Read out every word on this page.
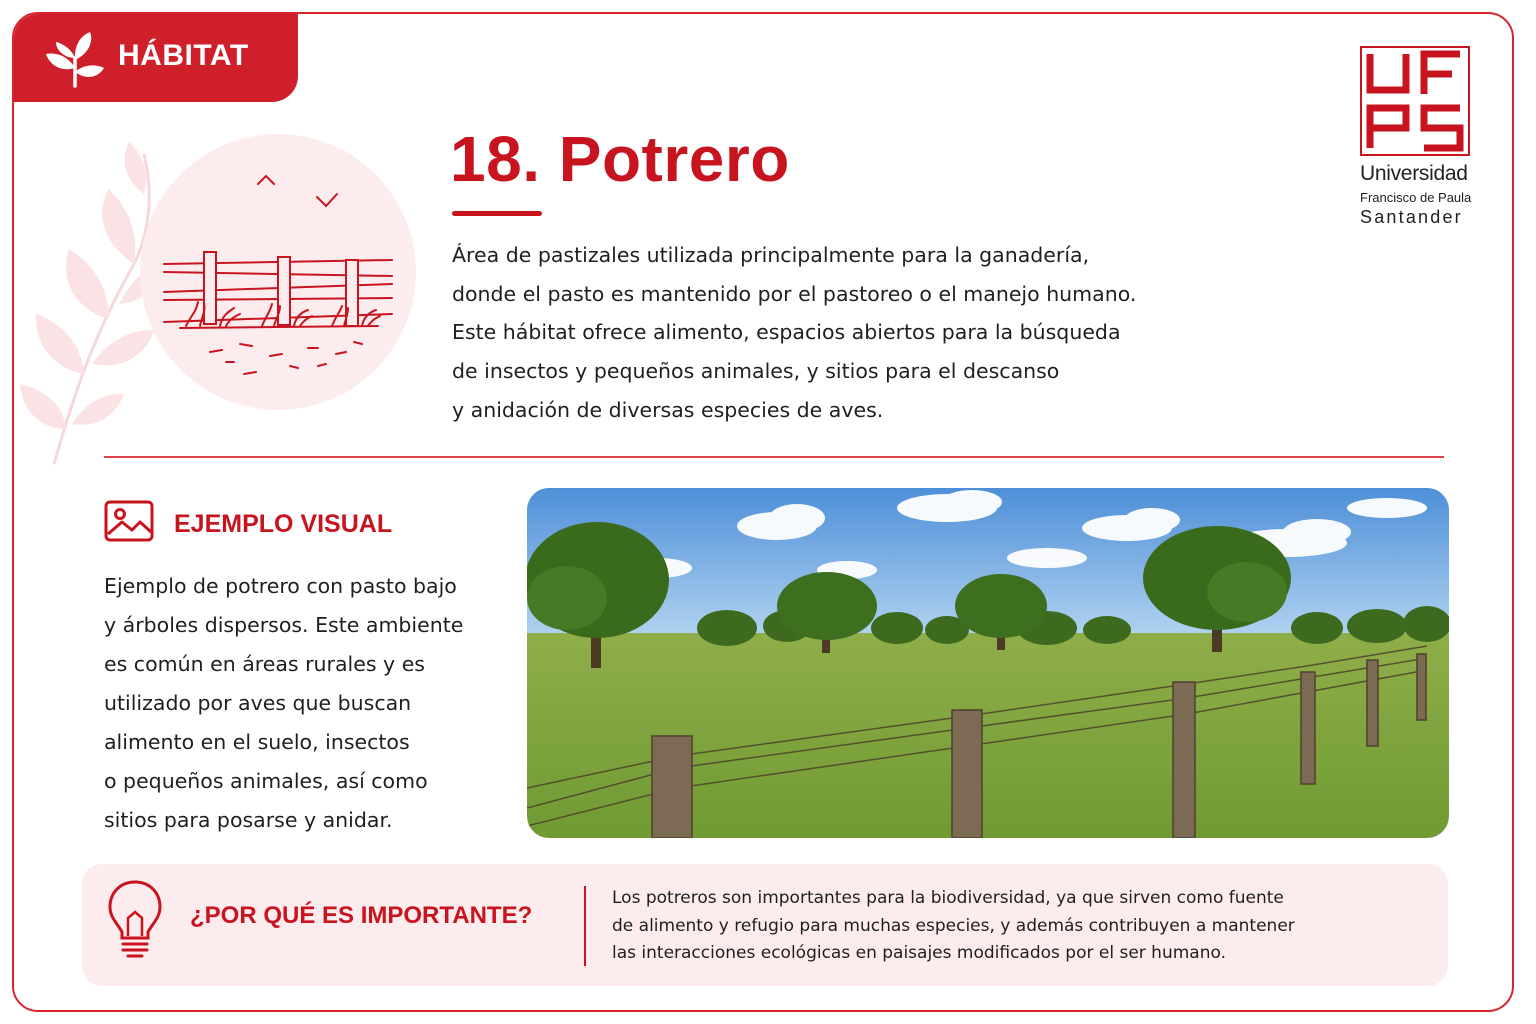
HÁBITAT
18. Potrero
Área de pastizales utilizada principalmente para la ganadería,
donde el pasto es mantenido por el pastoreo o el manejo humano.
Este hábitat ofrece alimento, espacios abiertos para la búsqueda
de insectos y pequeños animales, y sitios para el descanso
y anidación de diversas especies de aves.
Universidad
Francisco de Paula
Santander
EJEMPLO VISUAL
Ejemplo de potrero con pasto bajo
y árboles dispersos. Este ambiente
es común en áreas rurales y es
utilizado por aves que buscan
alimento en el suelo, insectos
o pequeños animales, así como
sitios para posarse y anidar.
¿POR QUÉ ES IMPORTANTE?
Los potreros son importantes para la biodiversidad, ya que sirven como fuente
de alimento y refugio para muchas especies, y además contribuyen a mantener
las interacciones ecológicas en paisajes modificados por el ser humano.
